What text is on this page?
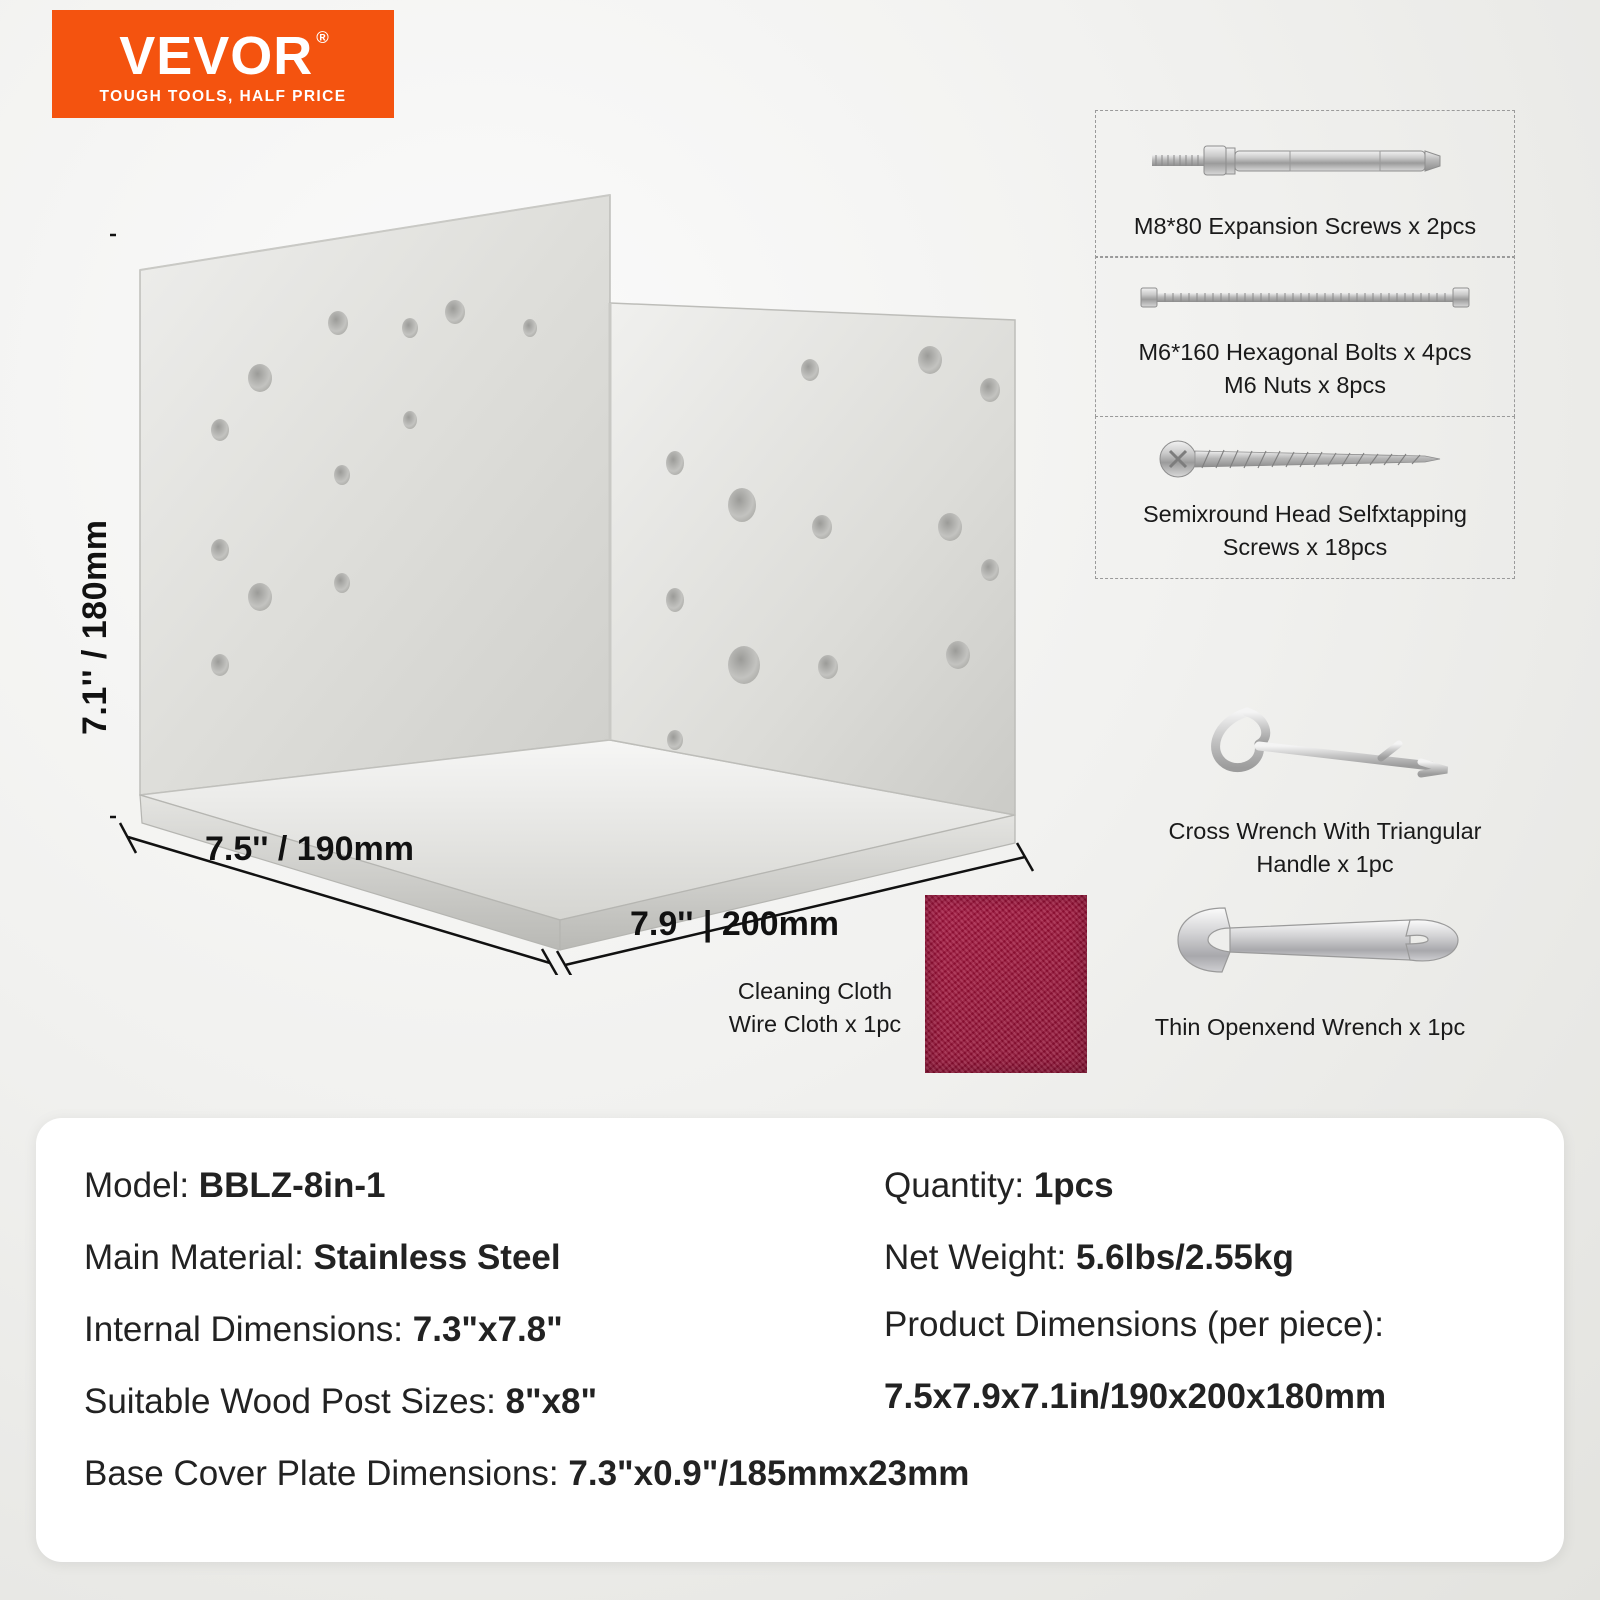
VEVOR ®
TOUGH TOOLS, HALF PRICE
7.1'' / 180mm
7.5'' / 190mm
7.9'' | 200mm
M8*80 Expansion Screws x 2pcs
M6*160 Hexagonal Bolts x 4pcs
M6 Nuts x 8pcs
Semixround Head Selfxtapping
Screws x 18pcs
Cross Wrench With Triangular
Handle x 1pc
Cleaning Cloth
Wire Cloth x 1pc	Thin Openxend Wrench x 1pc
Model: BBLZ-8in-1	Quantity: 1pcs
Main Material: Stainless Steel	Net Weight: 5.6lbs/2.55kg
Internal Dimensions: 7.3"x7.8"	Product Dimensions (per piece):
Suitable Wood Post Sizes: 8"x8"	7.5x7.9x7.1in/190x200x180mm
Base Cover Plate Dimensions: 7.3"x0.9"/185mmx23mm
